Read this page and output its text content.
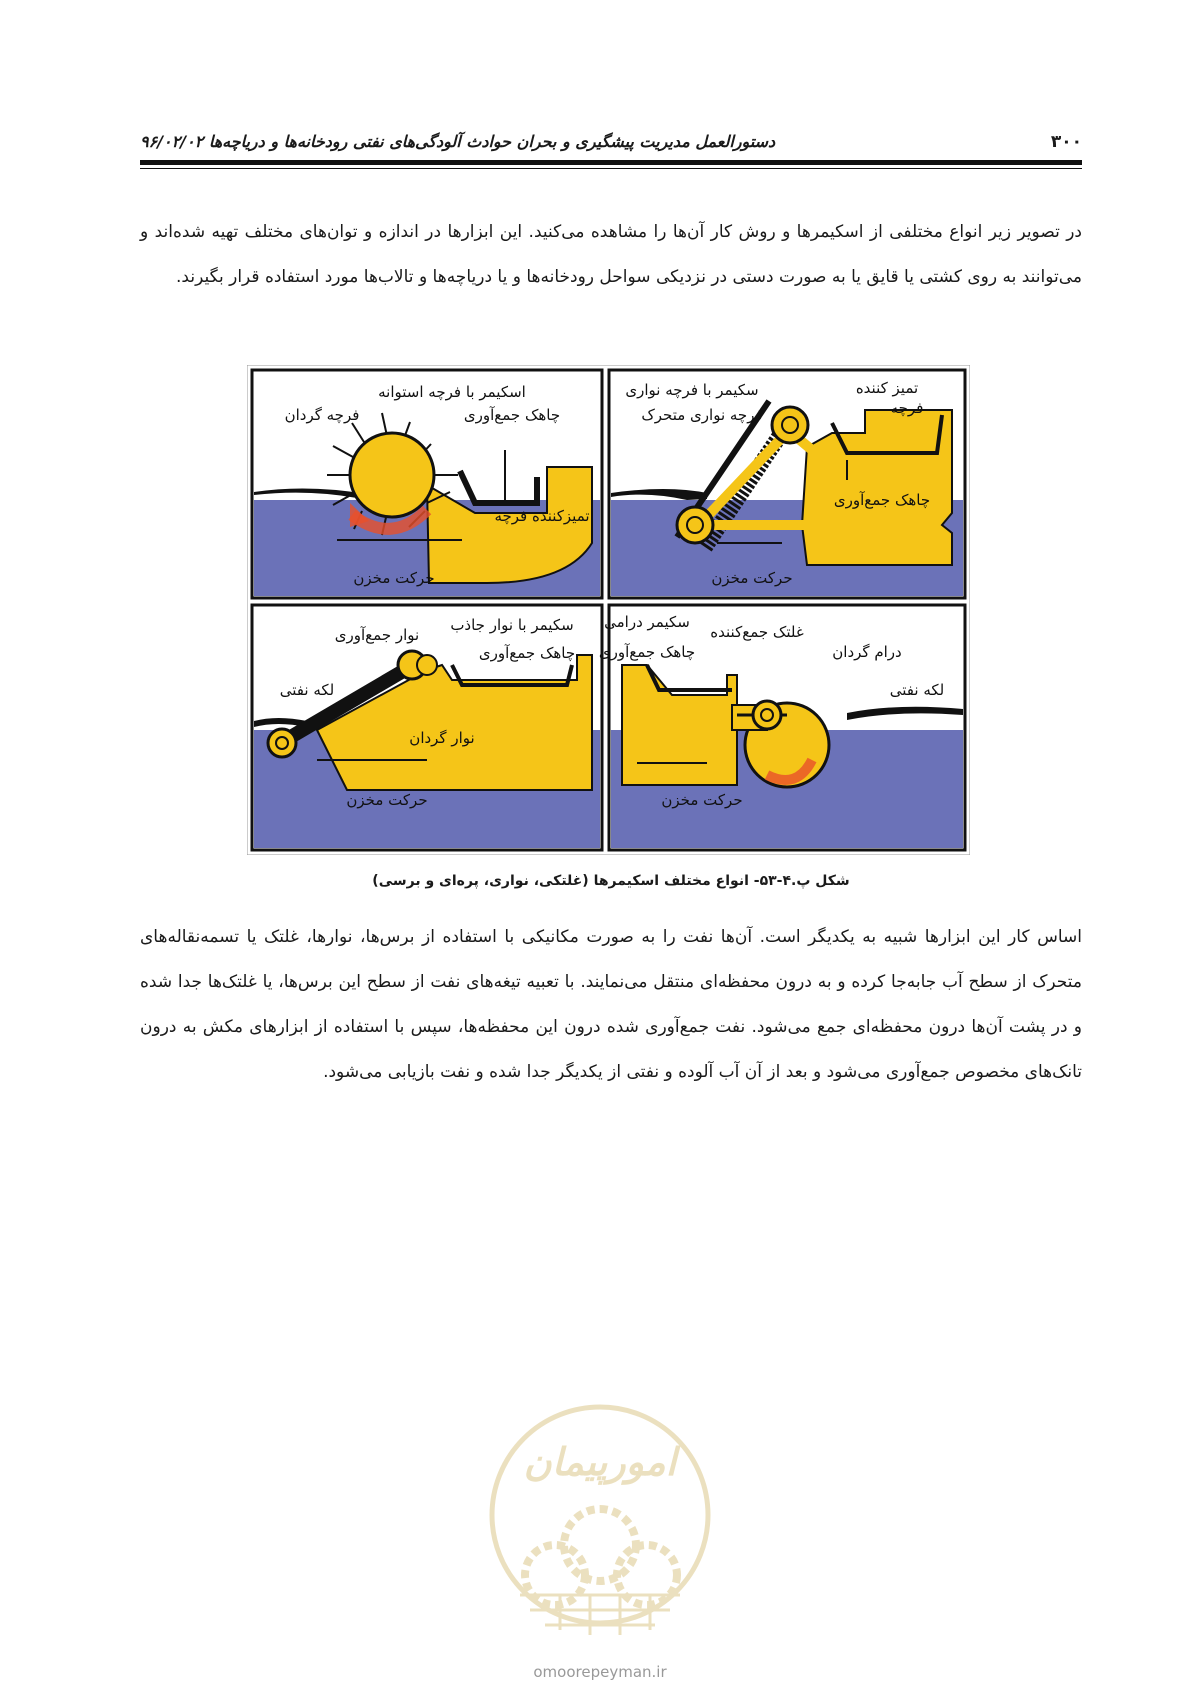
۳۰۰
دستورالعمل مدیریت پیشگیری و بحران حوادث آلودگی‌های نفتی رودخانه‌ها و دریاچه‌ها ۹۶/۰۲/۰۲

در تصویر زیر انواع مختلفی از اسکیمرها و روش کار آن‌ها را مشاهده می‌کنید. این ابزارها در اندازه و توان‌های مختلف تهیه شده‌اند و می‌توانند به روی کشتی یا قایق یا به صورت دستی در نزدیکی سواحل رودخانه‌ها و یا دریاچه‌ها و تالاب‌ها مورد استفاده قرار بگیرند.

اسکیمر با فرچه استوانه
فرچه گردان	چاهک جمع‌آوری
تمیزکننده فرچه
حرکت مخزن
سکیمر با فرچه نواری
فرچه نواری متحرک
تمیز کننده
فرچه
چاهک جمع‌آوری
حرکت مخزن
سکیمر با نوار جاذب
نوار جمع‌آوری
چاهک جمع‌آوری
لکه نفتی
نوار گردان
حرکت مخزن
سکیمر درامی
غلتک جمع‌کننده
چاهک جمع‌آوری	درام گردان
لکه نفتی
حرکت مخزن
شکل پ.۴-۵۳- انواع مختلف اسکیمرها (غلتکی، نواری، پره‌ای و برسی)

اساس کار این ابزارها شبیه به یکدیگر است. آن‌ها نفت را به صورت مکانیکی با استفاده از برس‌ها، نوارها، غلتک یا تسمه‌نقاله‌های متحرک از سطح آب جابه‌جا کرده و به درون محفظه‌ای منتقل می‌نمایند. با تعبیه تیغه‌های نفت از سطح این برس‌ها، یا غلتک‌ها جدا شده و در پشت آن‌ها درون محفظه‌ای جمع می‌شود. نفت جمع‌آوری شده درون این محفظه‌ها، سپس با استفاده از ابزارهای مکش به درون تانک‌های مخصوص جمع‌آوری می‌شود و بعد از آن آب آلوده و نفتی از یکدیگر جدا شده و نفت بازیابی می‌شود.

امورپیمان
omoorepeyman.ir
